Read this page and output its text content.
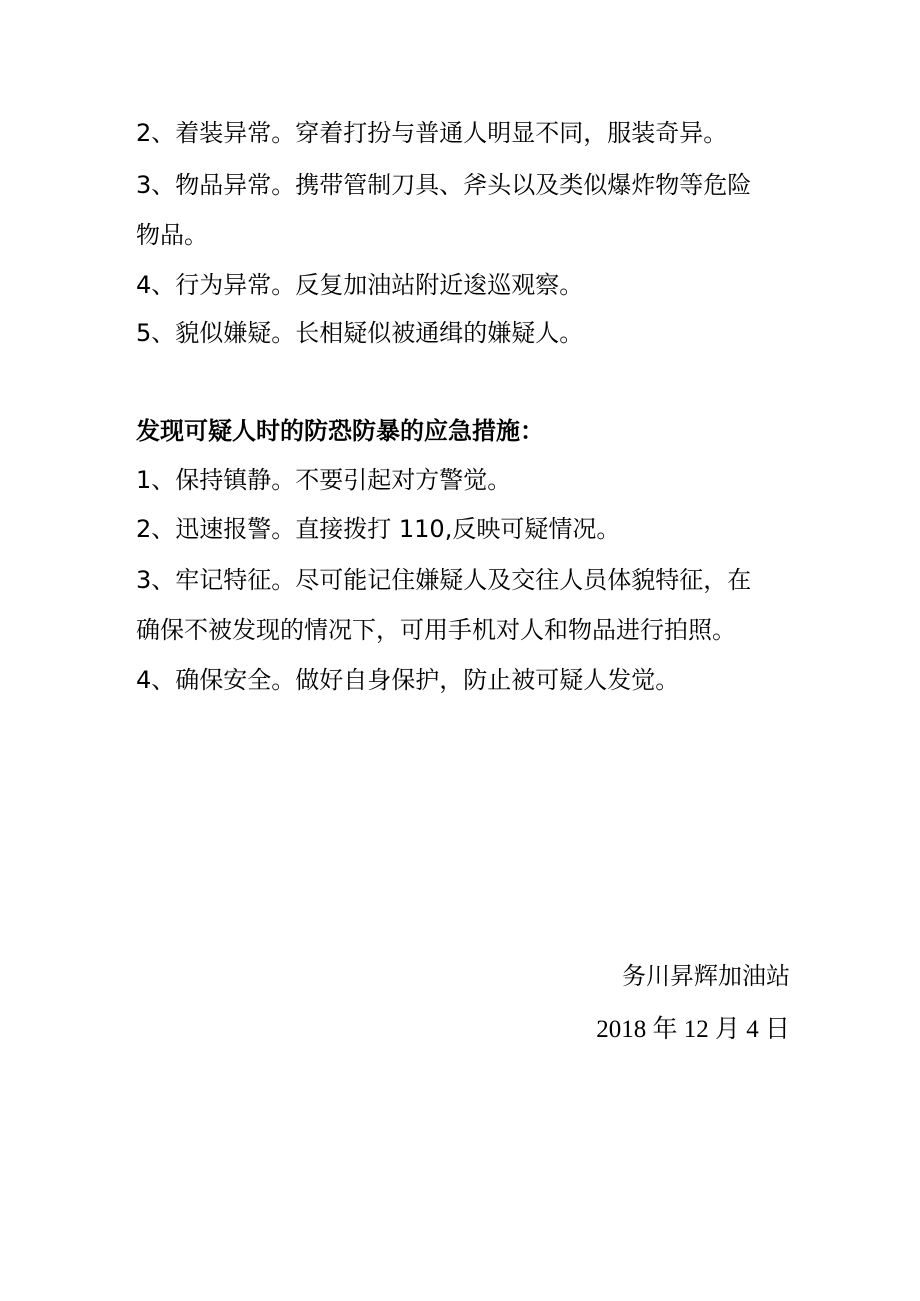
2、着装异常。穿着打扮与普通人明显不同，服装奇异。
3、物品异常。携带管制刀具、斧头以及类似爆炸物等危险
物品。
4、行为异常。反复加油站附近逡巡观察。
5、貌似嫌疑。长相疑似被通缉的嫌疑人。
发现可疑人时的防恐防暴的应急措施：
1、保持镇静。不要引起对方警觉。
2、迅速报警。直接拨打 110,反映可疑情况。
3、牢记特征。尽可能记住嫌疑人及交往人员体貌特征，在
确保不被发现的情况下，可用手机对人和物品进行拍照。
4、确保安全。做好自身保护，防止被可疑人发觉。
务川昇辉加油站
2018 年 12 月 4 日
